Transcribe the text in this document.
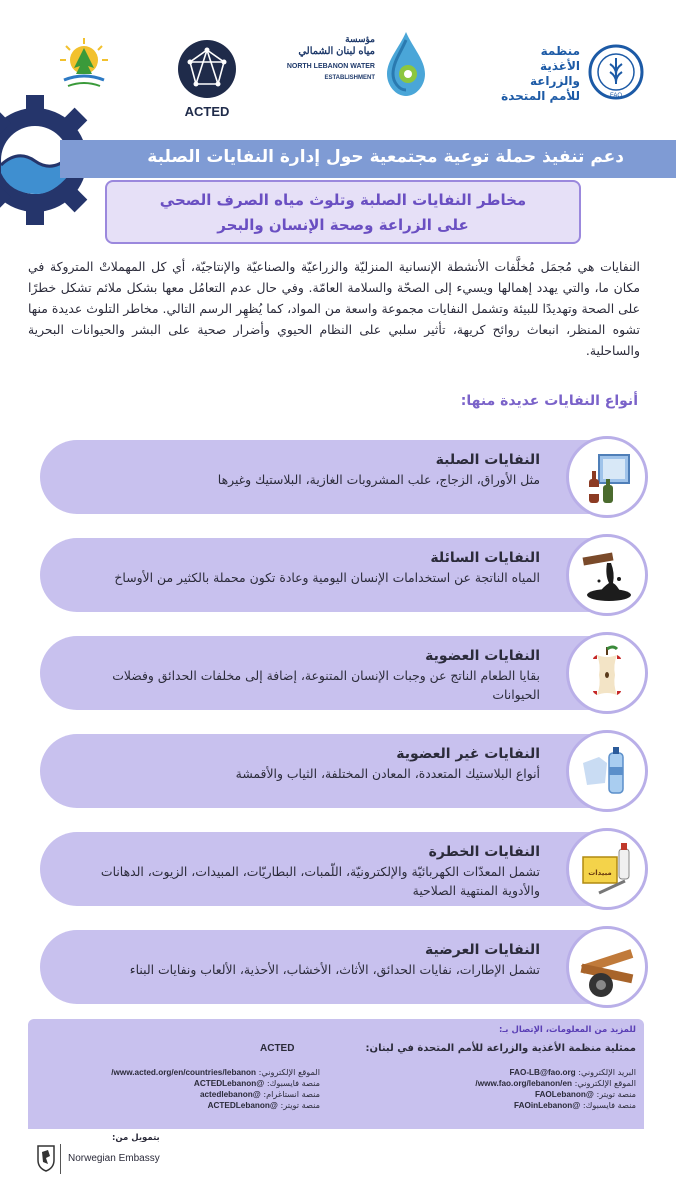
ACTED
مؤسسة
مياه لبنان الشمالي
NORTH LEBANON WATER
ESTABLISHMENT
منظمة الأغذية والزراعة للأمم المتحدة	FAO
دعم تنفيذ حملة توعية مجتمعية حول إدارة النفايات الصلبة
مخاطر النفايات الصلبة وتلوث مياه الصرف الصحي
على الزراعة وصحة الإنسان والبحر

النفايات هي مُجمَل مُخلَّفات الأنشطة الإنسانية المنزليّة والزراعيّة والصناعيّة والإنتاجيّة، أي كل المهملاتْ المتروكة في مكان ما، والتي يهدد إهمالها ويسيء إلى الصحّة والسلامة العامّة. وفي حال عدم التعامُل معها بشكل ملائم تشكل خطرًا على الصحة وتهديدًا للبيئة وتشمل النفايات مجموعة واسعة من المواد، كما يُظهِر الرسم التالي. مخاطر التلوث عديدة منها تشوه المنظر، انبعاث روائح كريهة، تأثير سلبي على النظام الحيوي وأضرار صحية على البشر والحيوانات البحرية والساحلية.

أنواع النفايات عديدة منها:
النفايات الصلبة
مثل الأوراق، الزجاج، علب المشروبات الغازية، البلاستيك وغيرها
النفايات السائلة
المياه الناتجة عن استخدامات الإنسان اليومية وعادة تكون محملة بالكثير من الأوساخ
النفايات العضوية
بقايا الطعام الناتج عن وجبات الإنسان المتنوعة، إضافة إلى مخلفات الحدائق وفضلات الحيوانات
النفايات غير العضوية
أنواع البلاستيك المتعددة، المعادن المختلفة، الثياب والأقمشة
النفايات الخطرة
تشمل المعدّات الكهربائيّة والإلكترونيّة، اللّمبات، البطاريّات، المبيدات، الزيوت، الدهانات والأدوية المنتهية الصلاحية
مبيدات
النفايات العرضية
تشمل الإطارات، نفايات الحدائق، الأثاث، الأخشاب، الأحذية، الألعاب ونفايات البناء
للمزيد من المعلومات، الإتصال بـ:
ممثلية منظمة الأغذية والزراعة للأمم المتحدة في لبنان:
ACTED
البريد الإلكتروني: FAO-LB@fao.org
الموقع الإلكتروني: www.fao.org/lebanon/en/
منصة تويتر: @FAOLebanon
منصة فايسبوك: @FAOinLebanon
الموقع الإلكتروني: www.acted.org/en/countries/lebanon/
منصة فايسبوك: @ACTEDLebanon
منصة انستاغرام: @actedlebanon
منصة تويتر: @ACTEDLebanon
بتمويل من:
Norwegian Embassy
